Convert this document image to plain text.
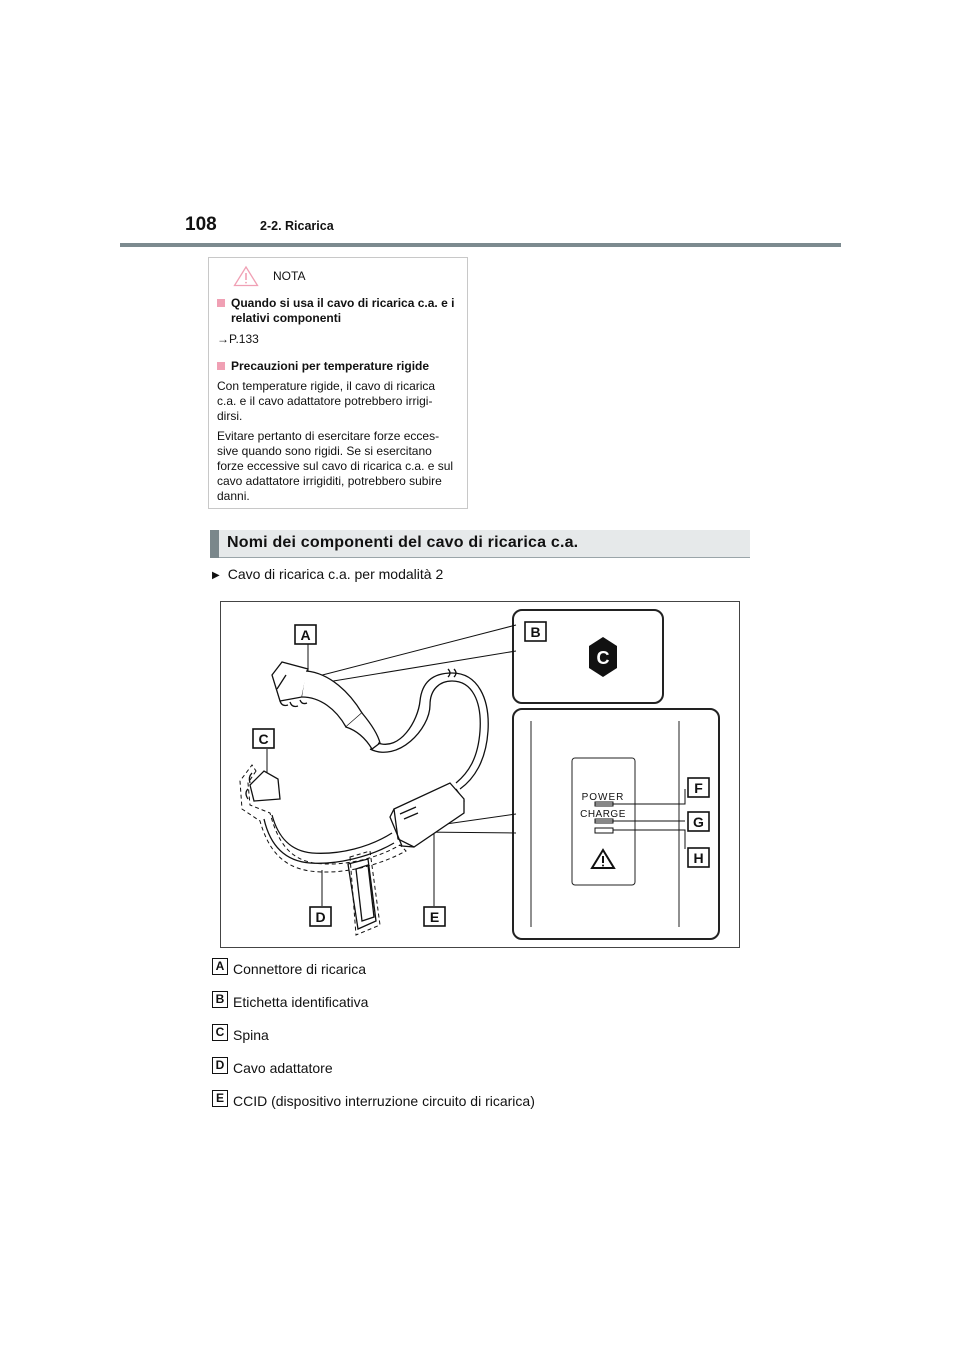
108	2-2. Ricarica
NOTA
Quando si usa il cavo di ricarica c.a. e i relativi componenti
→P.133
Precauzioni per temperature rigide

Con temperature rigide, il cavo di ricarica c.a. e il cavo adattatore potrebbero irrigi-dirsi.

Evitare pertanto di esercitare forze ecces-sive quando sono rigidi. Se si esercitano forze eccessive sul cavo di ricarica c.a. e sul cavo adattatore irrigiditi, potrebbero subire danni.

Nomi dei componenti del cavo di ricarica c.a.
▶ Cavo di ricarica c.a. per modalità 2
C
POWER
CHARGE
A	B
C
D	E
F
G
H
A Connettore di ricarica
B Etichetta identificativa
C Spina
D Cavo adattatore
E CCID (dispositivo interruzione circuito di ricarica)
